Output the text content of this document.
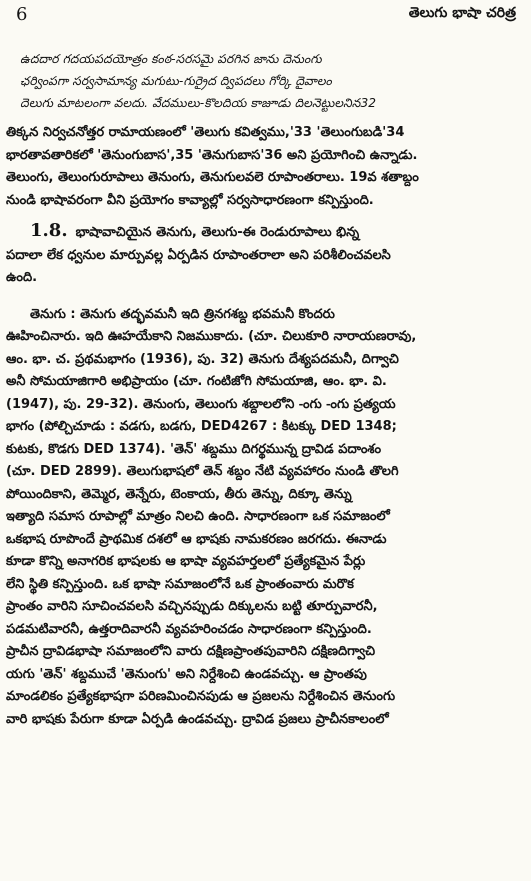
6	తెలుగు భాషా చరిత్ర
ఉదదార గదయపదయోత్రం కంఠ-సరసమై పరగిన జాను దెనుంగు
ఛర్వింపగా సర్వసామాన్య మగుటు-గుర్రైద ద్విపదలు గోర్కి దైవాలం
దెలుగు మాటలంగా వలదు. వేదములు-కొలదియ కాజూడు దిలనెట్టులనిన32
తిక్కన నిర్వచనోత్తర రామాయణంలో 'తెలుగు కవిత్వము,'33 'తెలుంగుబడి'34
భారతావతారికలో 'తెనుంగుబాస',35 'తెనుగుబాస'36 అని ప్రయోగించి ఉన్నాడు.
తెలుంగు, తెలుంగురూపాలు తెనుంగు, తెనుగులవలె రూపాంతరాలు. 19వ శతాబ్దం
నుండి భాషావరంగా వీని ప్రయోగం కావ్యాల్లో సర్వసాధారణంగా కన్పిస్తుంది.
1.8. భాషావాచియైన తెనుగు, తెలుగు-ఈ రెండురూపాలు భిన్న
పదాలా లేక ధ్వనుల మార్పువల్ల ఏర్పడిన రూపాంతరాలా అని పరిశీలించవలసి
ఉంది.
తెనుగు : తెనుగు తద్భవమనీ ఇది త్రినగశబ్ద భవమనీ కొందరు
ఊహించినారు. ఇది ఊహయేకాని నిజముకాదు. (చూ. చిలుకూరి నారాయణరావు,
ఆం. భా. చ. ప్రథమభాగం (1936), పు. 32) తెనుగు దేశ్యపదమనీ, దిగ్వాచి
అనీ సోమయాజిగారి అభిప్రాయం (చూ. గంటిజోగి సోమయాజి, ఆం. భా. వి.
(1947), పు. 29-32). తెనుంగు, తెలుంగు శబ్దాలలోని -ంగు -ంగు ప్రత్యయ
భాగం (పోల్చిచూడు : వడగు, బడగు, DED4267 : కిటక్కు DED 1348;
కుటకు, కొడగు DED 1374). 'తెన్' శబ్దము దిగర్థమున్న ద్రావిడ పదాంశం
(చూ. DED 2899). తెలుగుభాషలో తెన్ శబ్దం నేటి వ్యవహారం నుండి తొలగి
పోయిందికాని, తెమ్మెర, తెన్నేరు, టెంకాయ, తీరు తెన్ను, దిక్కూ తెన్ను
ఇత్యాది సమాస రూపాల్లో మాత్రం నిలచి ఉంది. సాధారణంగా ఒక సమాజంలో
ఒకభాష రూపొందే ప్రాథమిక దశలో ఆ భాషకు నామకరణం జరగదు. ఈనాడు
కూడా కొన్ని అనాగరిక భాషలకు ఆ భాషా వ్యవహర్తలలో ప్రత్యేకమైన పేర్లు
లేని స్థితి కన్పిస్తుంది. ఒక భాషా సమాజంలోనే ఒక ప్రాంతంవారు మరొక
ప్రాంతం వారిని సూచించవలసి వచ్చినప్పుడు దిక్కులను బట్టి తూర్పువారనీ,
పడమటివారనీ, ఉత్తరాదివారనీ వ్యవహరించడం సాధారణంగా కన్పిస్తుంది.
ప్రాచీన ద్రావిడభాషా సమాజంలోని వారు దక్షిణప్రాంతపువారిని దక్షిణదిగ్వాచి
యగు 'తెన్' శబ్దముచే 'తెనుంగు' అని నిర్దేశించి ఉండవచ్చు. ఆ ప్రాంతపు
మాండలికం ప్రత్యేకభాషగా పరిణమించినపుడు ఆ ప్రజలను నిర్దేశించిన తెనుంగు
వారి భాషకు పేరుగా కూడా ఏర్పడి ఉండవచ్చు. ద్రావిడ ప్రజలు ప్రాచీనకాలంలో
